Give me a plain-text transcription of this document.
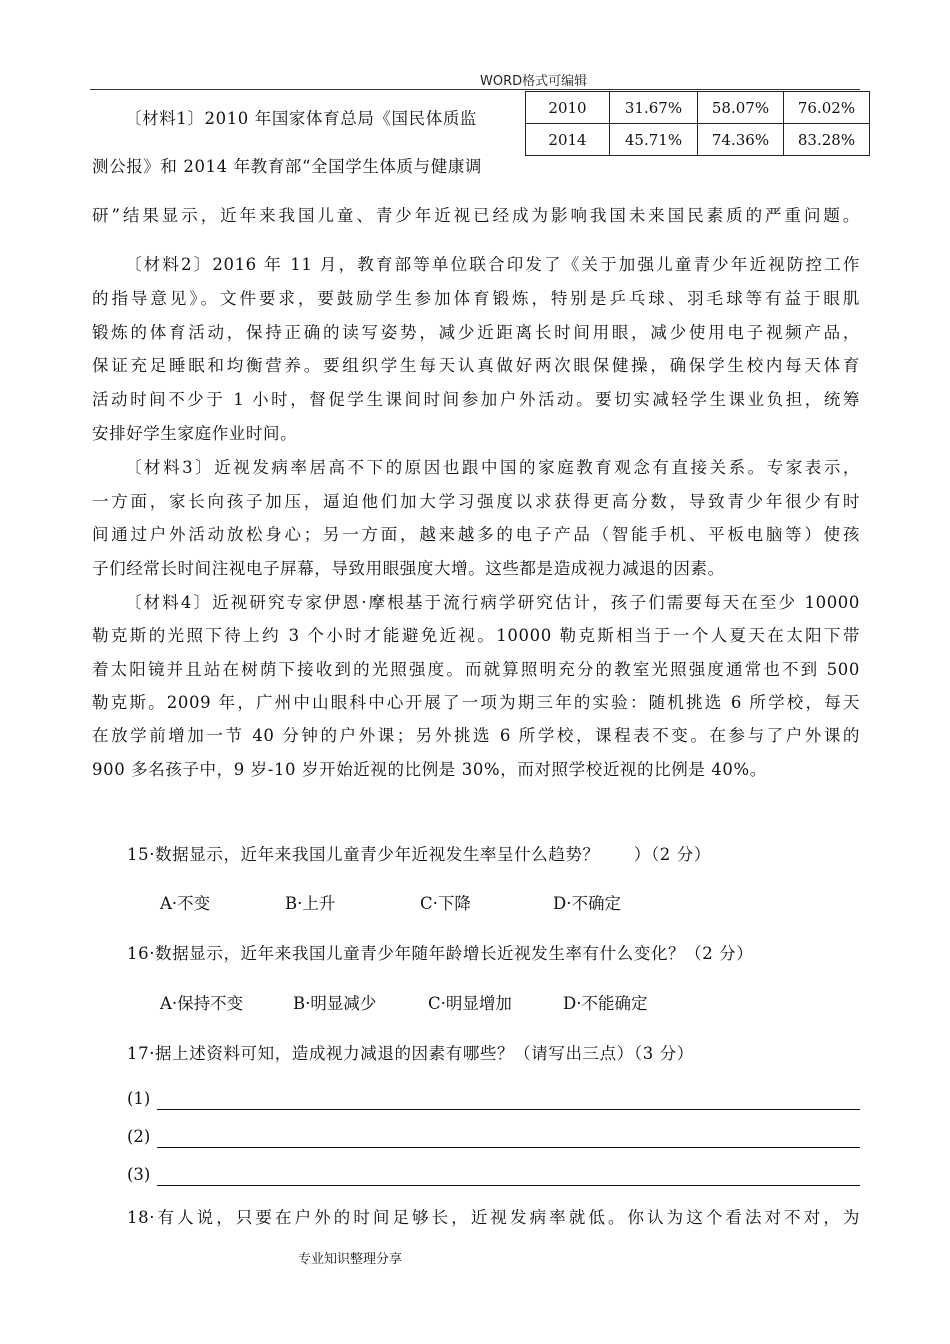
WORD格式可编辑
2010	31.67%	58.07%	76.02%
2014	45.71%	74.36%	83.28%
〔材料1〕2010 年国家体育总局《国民体质监
测公报》和 2014 年教育部“全国学生体质与健康调
研”结果显示，近年来我国儿童、青少年近视已经成为影响我国未来国民素质的严重问题。
〔材料2〕2016 年 11 月，教育部等单位联合印发了《关于加强儿童青少年近视防控工作
的指导意见》。文件要求，要鼓励学生参加体育锻炼，特别是乒乓球、羽毛球等有益于眼肌
锻炼的体育活动，保持正确的读写姿势，减少近距离长时间用眼，减少使用电子视频产品，
保证充足睡眠和均衡营养。要组织学生每天认真做好两次眼保健操，确保学生校内每天体育
活动时间不少于 1 小时，督促学生课间时间参加户外活动。要切实减轻学生课业负担，统筹
安排好学生家庭作业时间。
〔材料3〕近视发病率居高不下的原因也跟中国的家庭教育观念有直接关系。专家表示，
一方面，家长向孩子加压，逼迫他们加大学习强度以求获得更高分数，导致青少年很少有时
间通过户外活动放松身心；另一方面，越来越多的电子产品（智能手机、平板电脑等）使孩
子们经常长时间注视电子屏幕，导致用眼强度大增。这些都是造成视力减退的因素。
〔材料4〕近视研究专家伊恩·摩根基于流行病学研究估计，孩子们需要每天在至少 10000
勒克斯的光照下待上约 3 个小时才能避免近视。10000 勒克斯相当于一个人夏天在太阳下带
着太阳镜并且站在树荫下接收到的光照强度。而就算照明充分的教室光照强度通常也不到 500
勒克斯。2009 年，广州中山眼科中心开展了一项为期三年的实验：随机挑选 6 所学校，每天
在放学前增加一节 40 分钟的户外课；另外挑选 6 所学校，课程表不变。在参与了户外课的
900 多名孩子中，9 岁-10 岁开始近视的比例是 30%，而对照学校近视的比例是 40%。
15·数据显示，近年来我国儿童青少年近视发生率呈什么趋势？　　）（2 分）
A·不变	B·上升	C·下降	D·不确定
16·数据显示，近年来我国儿童青少年随年龄增长近视发生率有什么变化？（2 分）
A·保持不变	B·明显减少	C·明显增加	D·不能确定
17·据上述资料可知，造成视力减退的因素有哪些？（请写出三点）（3 分）
(1)
(2)
(3)
18·有人说，只要在户外的时间足够长，近视发病率就低。你认为这个看法对不对，为
专业知识整理分享
